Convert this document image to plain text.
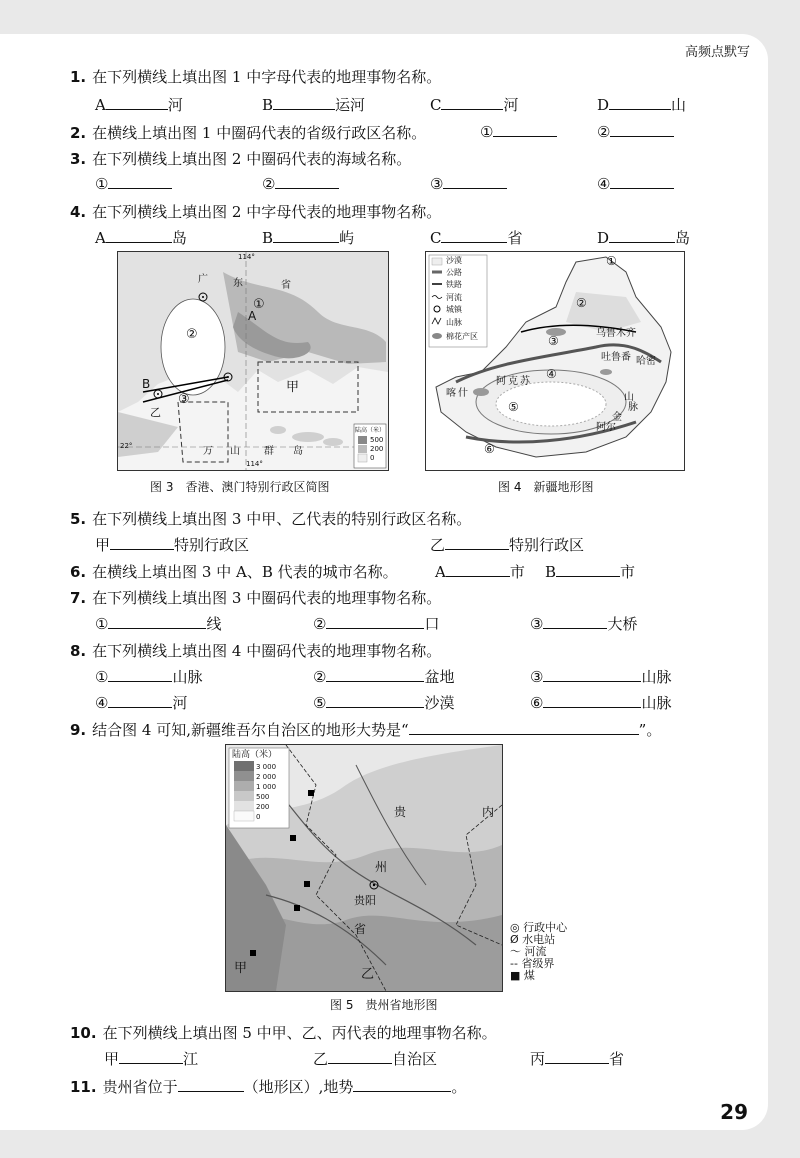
高频点默写
1. 在下列横线上填出图 1 中字母代表的地理事物名称。
A	河	B	运河	C	河	D	山
2. 在横线上填出图 1 中圈码代表的省级行政区名称。	①	②
3. 在下列横线上填出图 2 中圈码代表的海域名称。
①	②	③	④
4. 在下列横线上填出图 2 中字母代表的地理事物名称。
A	岛	B	屿	C	省	D	岛
广	东	省
②
①
③
A
B	甲
乙
万 山 群 岛
114°
114°
22°
陆高（米）
500
200
0
图 3　香港、澳门特别行政区简图
沙漠
公路
铁路
河流
城镇
山脉
棉花产区	乌鲁木齐
吐鲁番 哈密
①
②
③
④
⑤
⑥
喀 什
阿 克 苏
山
脉
金
阿尔
图 4　新疆地形图
5. 在下列横线上填出图 3 中甲、乙代表的特别行政区名称。
甲	特别行政区	乙	特别行政区
6. 在横线上填出图 3 中 A、B 代表的城市名称。 A	市 B	市
7. 在下列横线上填出图 3 中圈码代表的地理事物名称。
①	线	②	口	③	大桥
8. 在下列横线上填出图 4 中圈码代表的地理事物名称。
①	山脉	②	盆地	③	山脉
④	河	⑤	沙漠	⑥	山脉
9. 结合图 4 可知,新疆维吾尔自治区的地形大势是“	”。
陆高（米）
3 000
2 000
1 000
500
200
0	贵
州
贵阳
省
内
甲	乙
◎ 行政中心
Ø 水电站
〜 河流
-- 省级界
■ 煤
图 5　贵州省地形图
10. 在下列横线上填出图 5 中甲、乙、丙代表的地理事物名称。
甲	江	乙	自治区	丙	省
11. 贵州省位于	（地形区）,地势	。
29
